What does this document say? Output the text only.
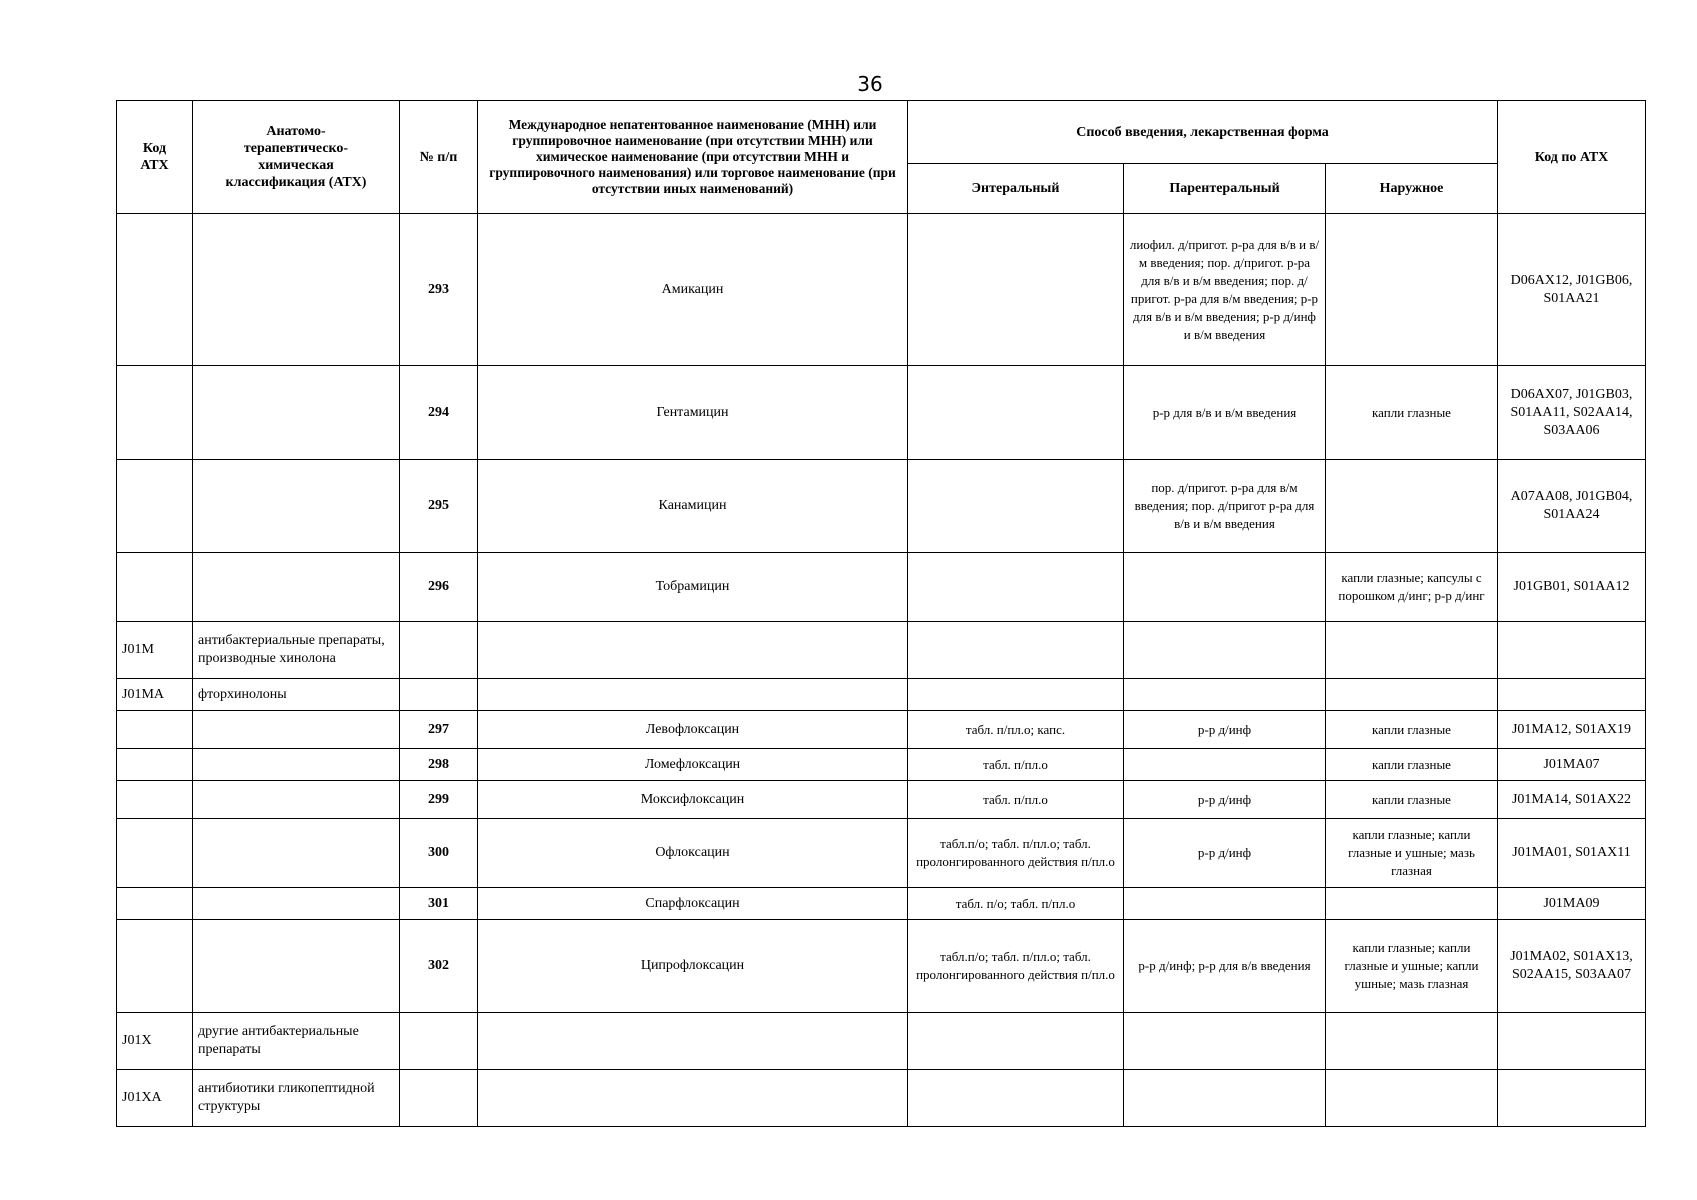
36
Код АТХ	Анатомо-терапевтическо-химическая классификация (АТХ)	№ п/п	Международное непатентованное наименование (МНН) или группировочное наименование (при отсутствии МНН) или химическое наименование (при отсутствии МНН и группировочного наименования) или торговое наименование (при отсутствии иных наименований)	Способ введения, лекарственная форма			Код по АТХ
				Энтеральный	Парентеральный	Наружное	
		293	Амикацин		лиофил. д/пригот. р-ра для в/в и в/м введения; пор. д/пригот. р-ра для в/в и в/м введения; пор. д/пригот. р-ра для в/м введения; р-р для в/в и в/м введения; р-р д/инф и в/м введения		D06AX12, J01GB06, S01AA21
		294	Гентамицин		р-р для в/в и в/м введения	капли глазные	D06AX07, J01GB03, S01AA11, S02AA14, S03AA06
		295	Канамицин		пор. д/пригот. р-ра для в/м введения; пор. д/пригот р-ра для в/в и в/м введения		A07AA08, J01GB04, S01AA24
		296	Тобрамицин			капли глазные; капсулы с порошком д/инг; р-р д/инг	J01GB01, S01AA12
J01M	антибактериальные препараты, производные хинолона						
J01MA	фторхинолоны						
		297	Левофлоксацин	табл. п/пл.о; капс.	р-р д/инф	капли глазные	J01MA12, S01AX19
		298	Ломефлоксацин	табл. п/пл.о		капли глазные	J01MA07
		299	Моксифлоксацин	табл. п/пл.о	р-р д/инф	капли глазные	J01MA14, S01AX22
		300	Офлоксацин	табл.п/о; табл. п/пл.о; табл. пролонгированного действия п/пл.о	р-р д/инф	капли глазные; капли глазные и ушные; мазь глазная	J01MA01, S01AX11
		301	Спарфлоксацин	табл. п/о; табл. п/пл.о			J01MA09
		302	Ципрофлоксацин	табл.п/о; табл. п/пл.о; табл. пролонгированного действия п/пл.о	р-р д/инф; р-р для в/в введения	капли глазные; капли глазные и ушные; капли ушные; мазь глазная	J01MA02, S01AX13, S02AA15, S03AA07
J01X	другие антибактериальные препараты						
J01XA	антибиотики гликопептидной структуры						
